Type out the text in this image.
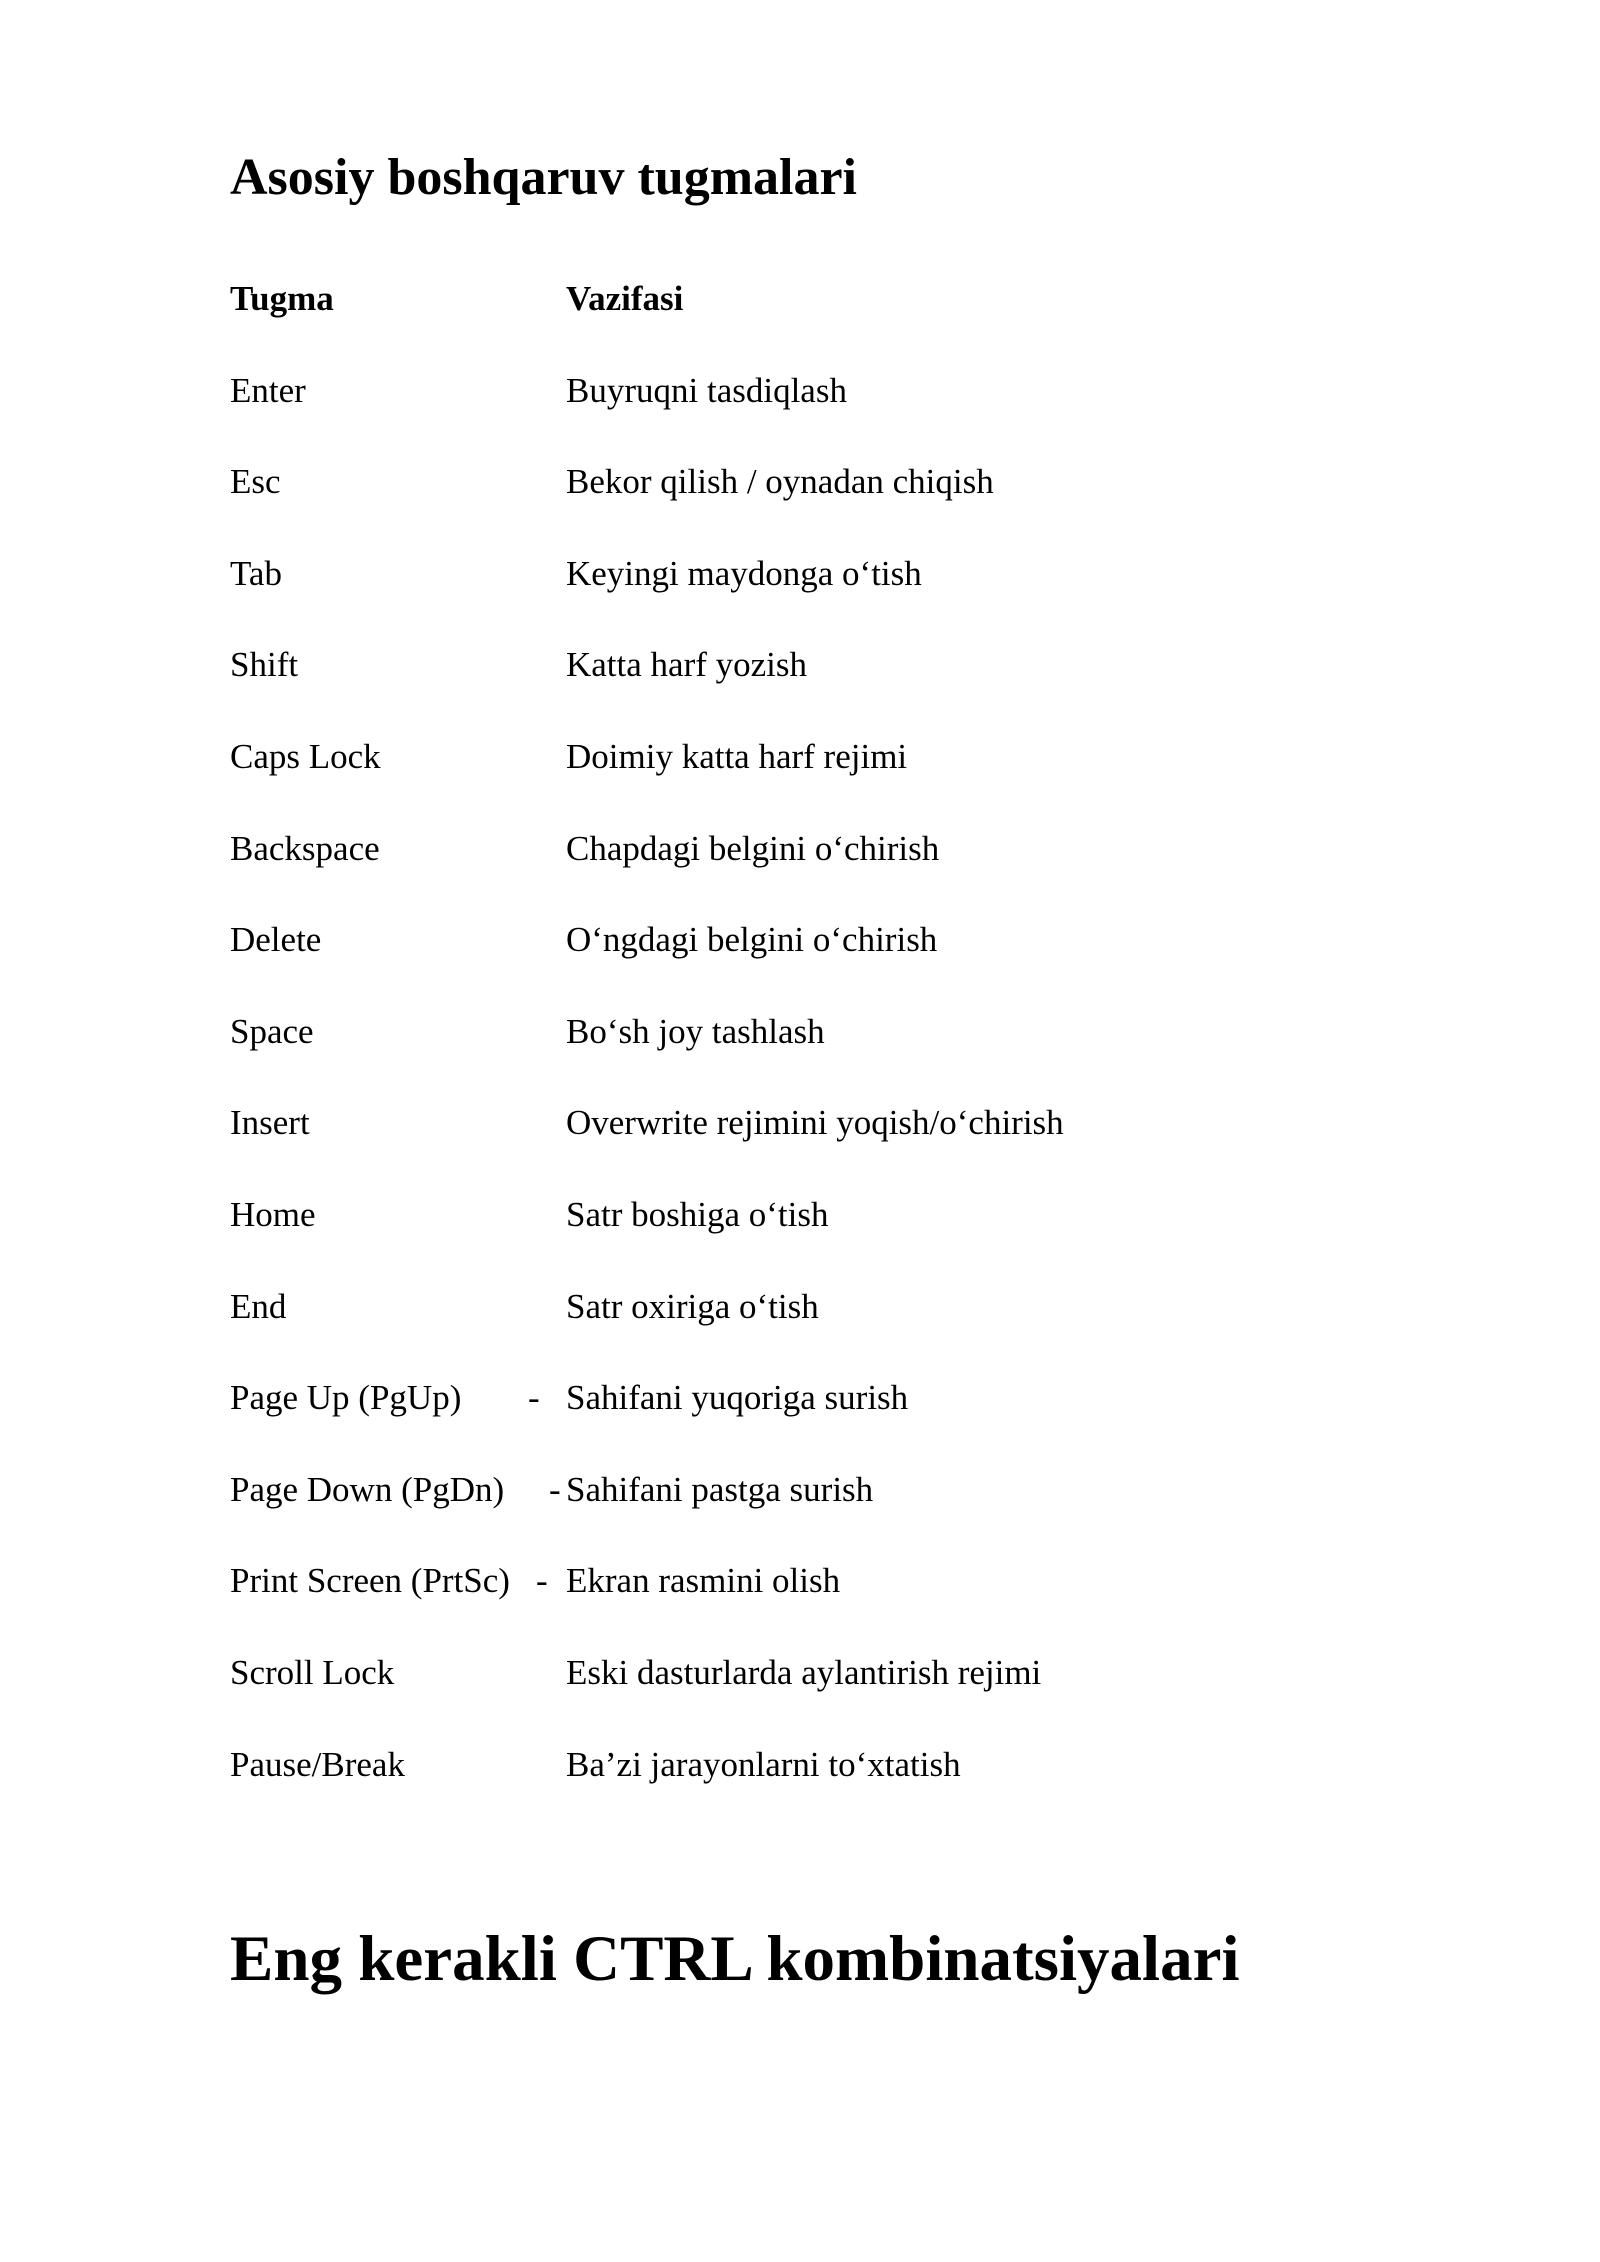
Asosiy boshqaruv tugmalari
Tugma	Vazifasi
Enter	Buyruqni tasdiqlash
Esc	Bekor qilish / oynadan chiqish
Tab	Keyingi maydonga o‘tish
Shift	Katta harf yozish
Caps Lock	Doimiy katta harf rejimi
Backspace	Chapdagi belgini o‘chirish
Delete	O‘ngdagi belgini o‘chirish
Space	Bo‘sh joy tashlash
Insert	Overwrite rejimini yoqish/o‘chirish
Home	Satr boshiga o‘tish
End	Satr oxiriga o‘tish
Page Up (PgUp) - Sahifani yuqoriga surish
Page Down (PgDn) - Sahifani pastga surish
Print Screen (PrtSc) - Ekran rasmini olish
Scroll Lock	Eski dasturlarda aylantirish rejimi
Pause/Break	Ba’zi jarayonlarni to‘xtatish
Eng kerakli CTRL kombinatsiyalari
